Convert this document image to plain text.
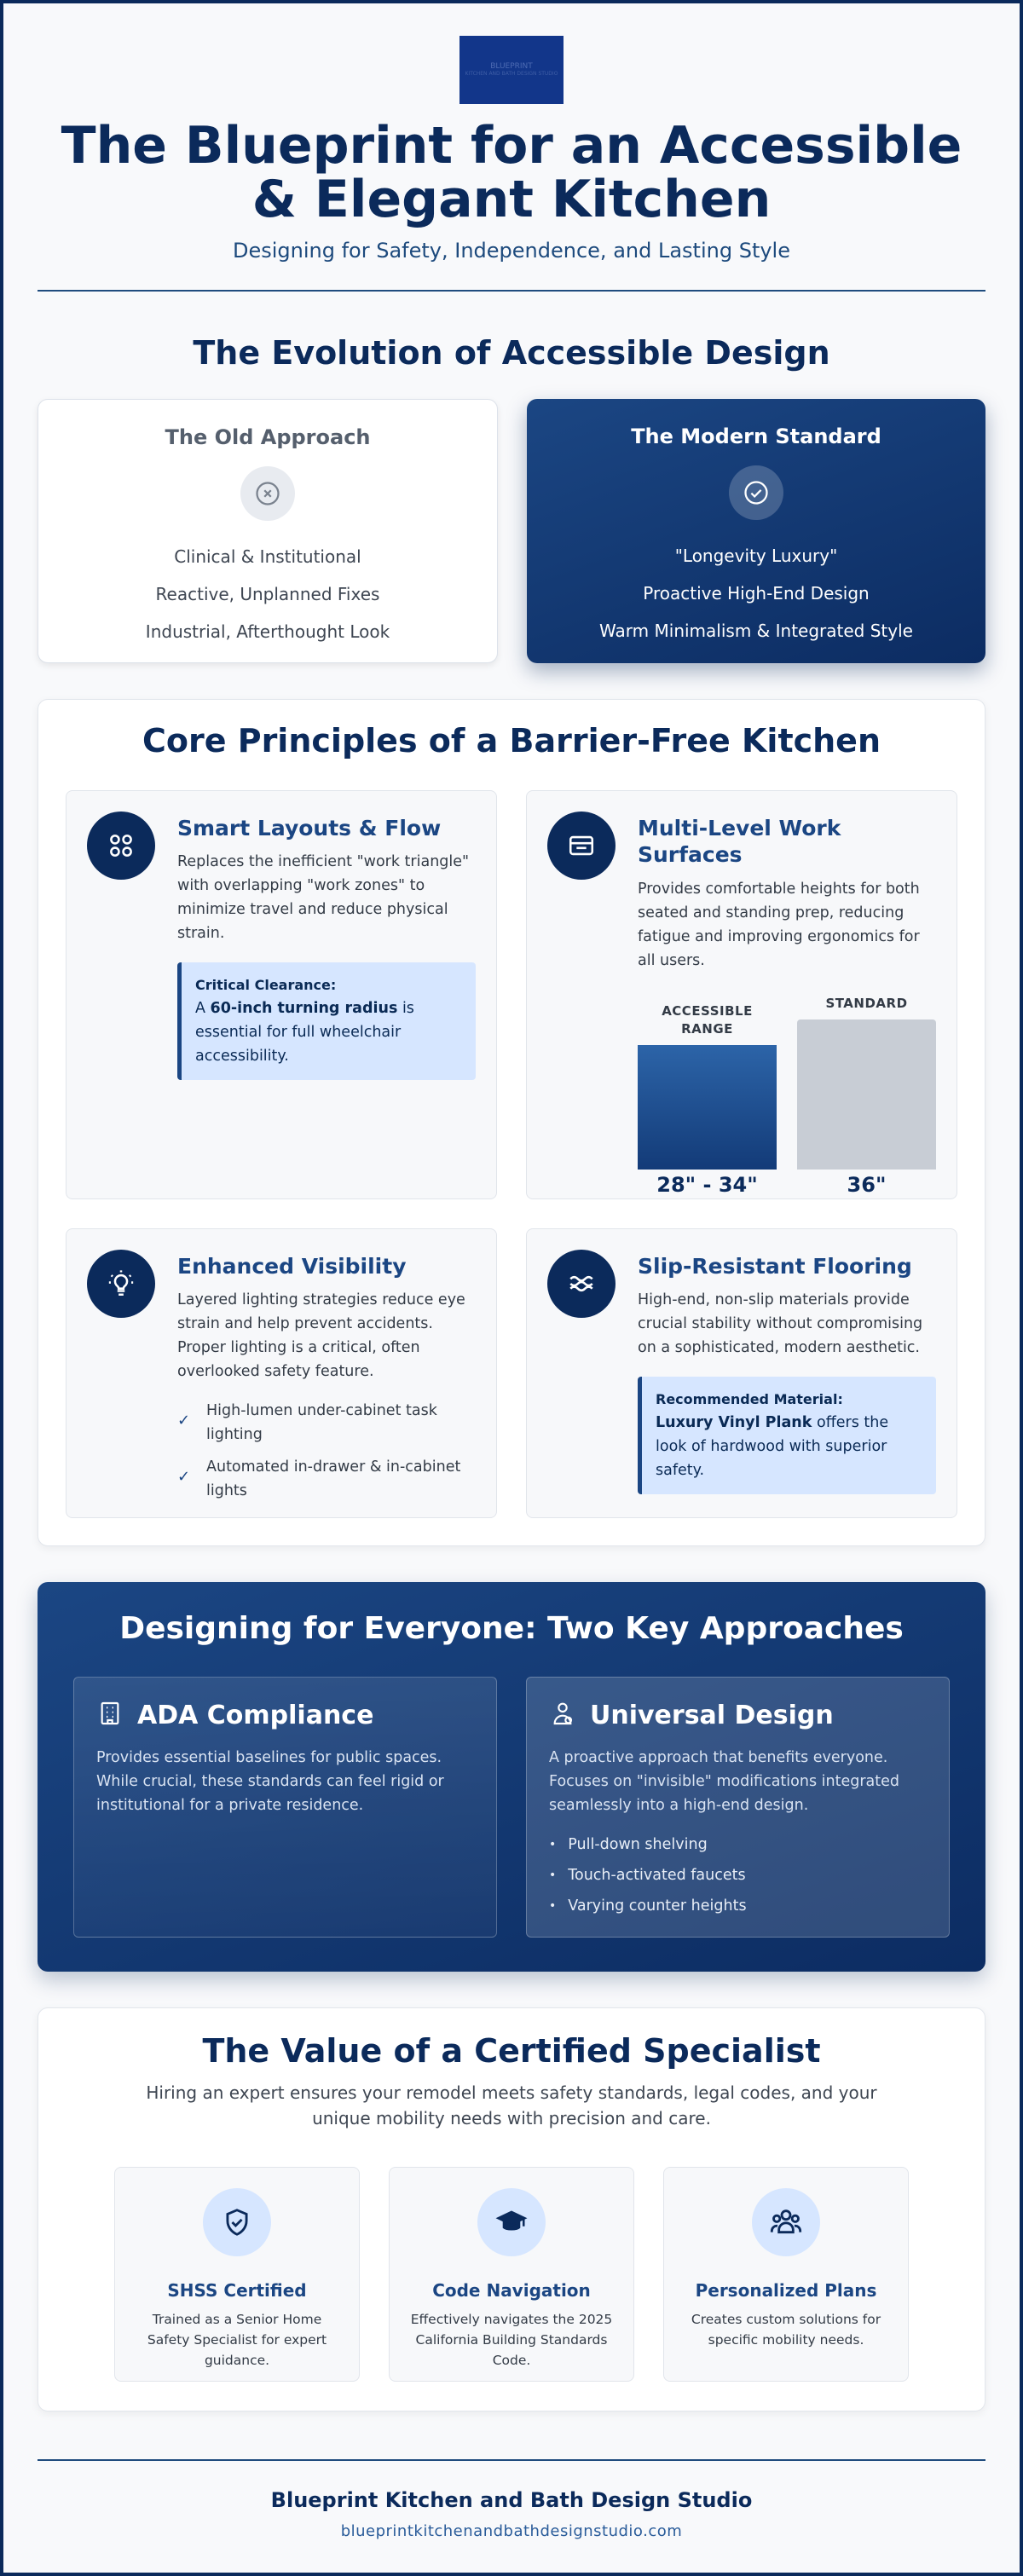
BLUEPRINT
KITCHEN AND BATH DESIGN STUDIO
The Blueprint for an Accessible & Elegant Kitchen
Designing for Safety, Independence, and Lasting Style
The Evolution of Accessible Design
The Old Approach
Clinical & Institutional
Reactive, Unplanned Fixes
Industrial, Afterthought Look
The Modern Standard
"Longevity Luxury"
Proactive High-End Design
Warm Minimalism & Integrated Style
Core Principles of a Barrier-Free Kitchen
Smart Layouts & Flow

Replaces the inefficient "work triangle" with overlapping "work zones" to minimize travel and reduce physical strain.

Critical Clearance:
A 60-inch turning radius is essential for full wheelchair accessibility.
Multi-Level Work Surfaces

Provides comfortable heights for both seated and standing prep, reducing fatigue and improving ergonomics for all users.

ACCESSIBLE RANGE
28" - 34"
STANDARD
36"
Enhanced Visibility

Layered lighting strategies reduce eye strain and help prevent accidents. Proper lighting is a critical, often overlooked safety feature.

✓
High-lumen under-cabinet task lighting
✓
Automated in-drawer & in-cabinet lights
Slip-Resistant Flooring

High-end, non-slip materials provide crucial stability without compromising on a sophisticated, modern aesthetic.

Recommended Material:
Luxury Vinyl Plank offers the look of hardwood with superior safety.
Designing for Everyone: Two Key Approaches
ADA Compliance

Provides essential baselines for public spaces. While crucial, these standards can feel rigid or institutional for a private residence.

Universal Design

A proactive approach that benefits everyone. Focuses on "invisible" modifications integrated seamlessly into a high-end design.

• Pull-down shelving
• Touch-activated faucets
• Varying counter heights
The Value of a Certified Specialist

Hiring an expert ensures your remodel meets safety standards, legal codes, and your unique mobility needs with precision and care.

SHSS Certified

Trained as a Senior Home Safety Specialist for expert guidance.

Code Navigation

Effectively navigates the 2025 California Building Standards Code.

Personalized Plans

Creates custom solutions for specific mobility needs.

Blueprint Kitchen and Bath Design Studio
blueprintkitchenandbathdesignstudio.com
